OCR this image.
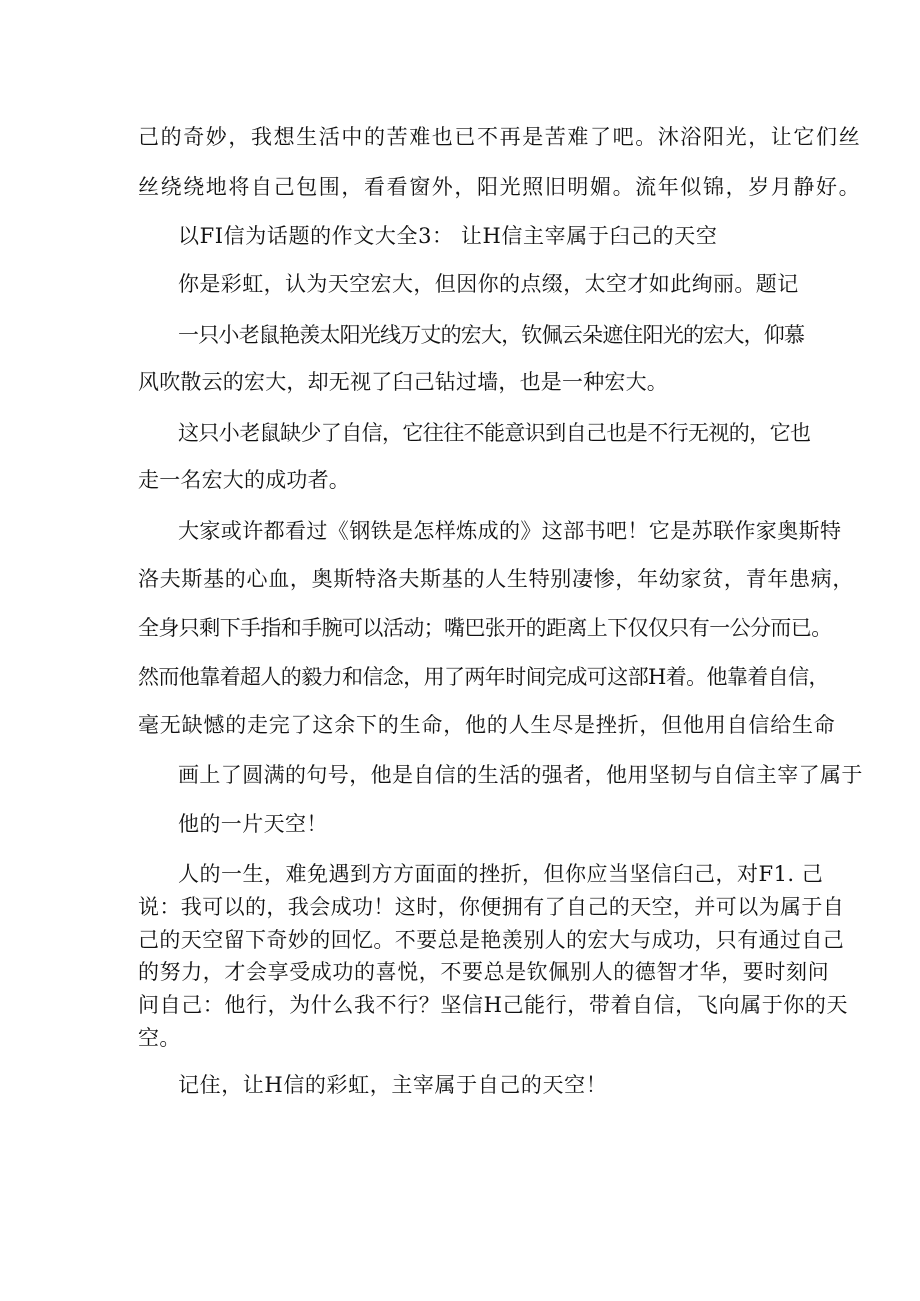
己的奇妙，我想生活中的苦难也已不再是苦难了吧。沐浴阳光，让它们丝

丝绕绕地将自己包围，看看窗外，阳光照旧明媚。流年似锦，岁月静好。

以FI信为话题的作文大全3： 让H信主宰属于臼己的天空

你是彩虹，认为天空宏大，但因你的点缀，太空才如此绚丽。题记

一只小老鼠艳羡太阳光线万丈的宏大，钦佩云朵遮住阳光的宏大，仰慕

风吹散云的宏大，却无视了臼己钻过墙，也是一种宏大。

这只小老鼠缺少了自信，它往往不能意识到自己也是不行无视的，它也

走一名宏大的成功者。

大家或许都看过《钢铁是怎样炼成的》这部书吧！它是苏联作家奥斯特

洛夫斯基的心血，奥斯特洛夫斯基的人生特别凄惨，年幼家贫，青年患病，

全身只剩下手指和手腕可以活动；嘴巴张开的距离上下仅仅只有一公分而已。

然而他靠着超人的毅力和信念，用了两年时间完成可这部H着。他靠着自信，

毫无缺憾的走完了这余下的生命，他的人生尽是挫折，但他用自信给生命

画上了圆满的句号，他是自信的生活的强者，他用坚韧与自信主宰了属于

他的一片天空！

人的一生，难免遇到方方面面的挫折，但你应当坚信臼己，对F1. 己

说：我可以的，我会成功！这时，你便拥有了自己的天空，并可以为属于自

己的天空留下奇妙的回忆。不要总是艳羡别人的宏大与成功，只有通过自己

的努力，才会享受成功的喜悦，不要总是钦佩别人的德智才华，要时刻问

问自己：他行，为什么我不行？坚信H己能行，带着自信，飞向属于你的天

空。

记住，让H信的彩虹，主宰属于自己的天空！
